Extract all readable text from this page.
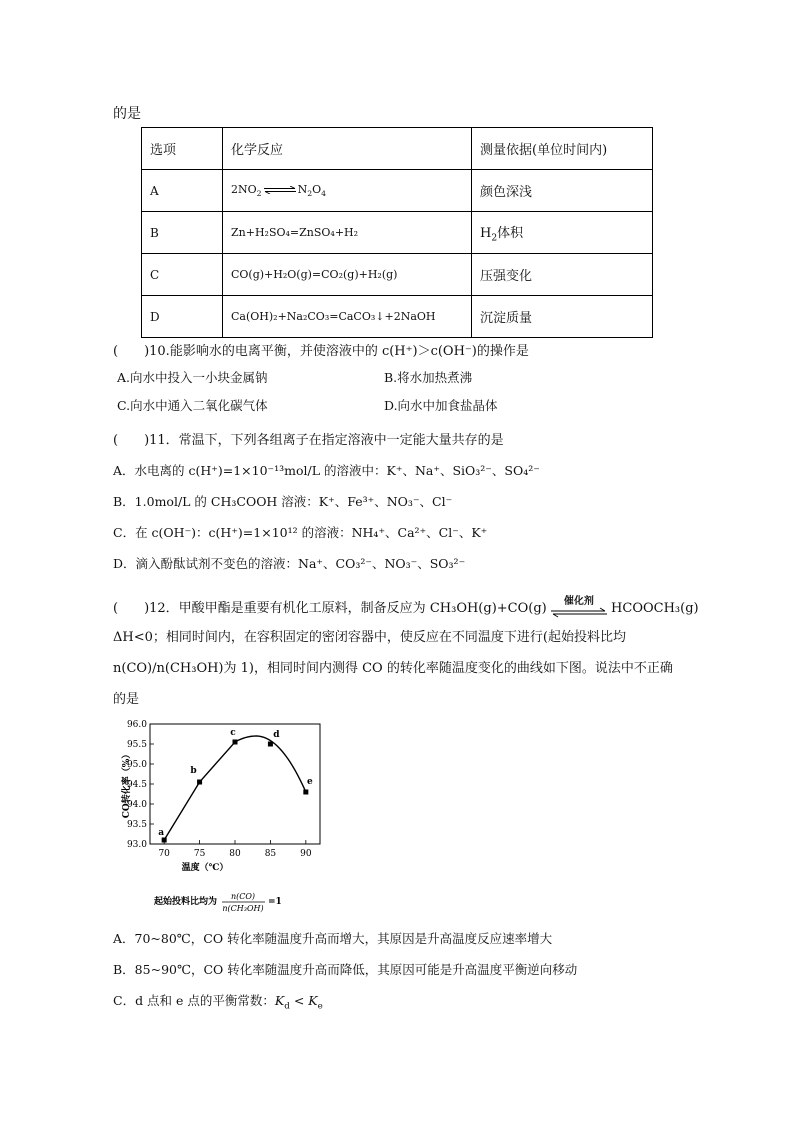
的是
选项	化学反应	测量依据(单位时间内)
A	$2NO_2$ ⇌ $N_2O_4$	颜色深浅
B	Zn+H₂SO₄=ZnSO₄+H₂	$H_2$体积
C	CO(g)+H₂O(g)=CO₂(g)+H₂(g)	压强变化
D	Ca(OH)₂+Na₂CO₃=CaCO₃↓+2NaOH	沉淀质量
(　　)10.能影响水的电离平衡，并使溶液中的 c(H⁺)＞c(OH⁻)的操作是
A.向水中投入一小块金属钠	B.将水加热煮沸
C.向水中通入二氧化碳气体	D.向水中加食盐晶体
(　　)11．常温下，下列各组离子在指定溶液中一定能大量共存的是
A．水电离的 c(H⁺)=1×10⁻¹³mol/L 的溶液中：K⁺、Na⁺、SiO₃²⁻、SO₄²⁻
B．1.0mol/L 的 CH₃COOH 溶液：K⁺、Fe³⁺、NO₃⁻、Cl⁻
C．在 c(OH⁻)：c(H⁺)=1×10¹² 的溶液：NH₄⁺、Ca²⁺、Cl⁻、K⁺
D．滴入酚酞试剂不变色的溶液：Na⁺、CO₃²⁻、NO₃⁻、SO₃²⁻
(　　)12．甲酸甲酯是重要有机化工原料，制备反应为 CH₃OH(g)+CO(g)	催化剂	HCOOCH₃(g)
ΔH<0；相同时间内，在容积固定的密闭容器中，使反应在不同温度下进行(起始投料比均
n(CO)/n(CH₃OH)为 1)，相同时间内测得 CO 的转化率随温度变化的曲线如下图。说法中不正确
的是
93.0
93.5
94.0
94.5
95.0
95.5
96.0
70	75	80	85	90
温度（℃）
CO转化率（%）
起始投料比均为
n(CO)
n(CH₃OH)
=1
a
b
c	d
e
A．70~80℃，CO 转化率随温度升高而增大，其原因是升高温度反应速率增大
B．85~90℃，CO 转化率随温度升高而降低，其原因可能是升高温度平衡逆向移动
C．d 点和 e 点的平衡常数：$K_d < K_e$
